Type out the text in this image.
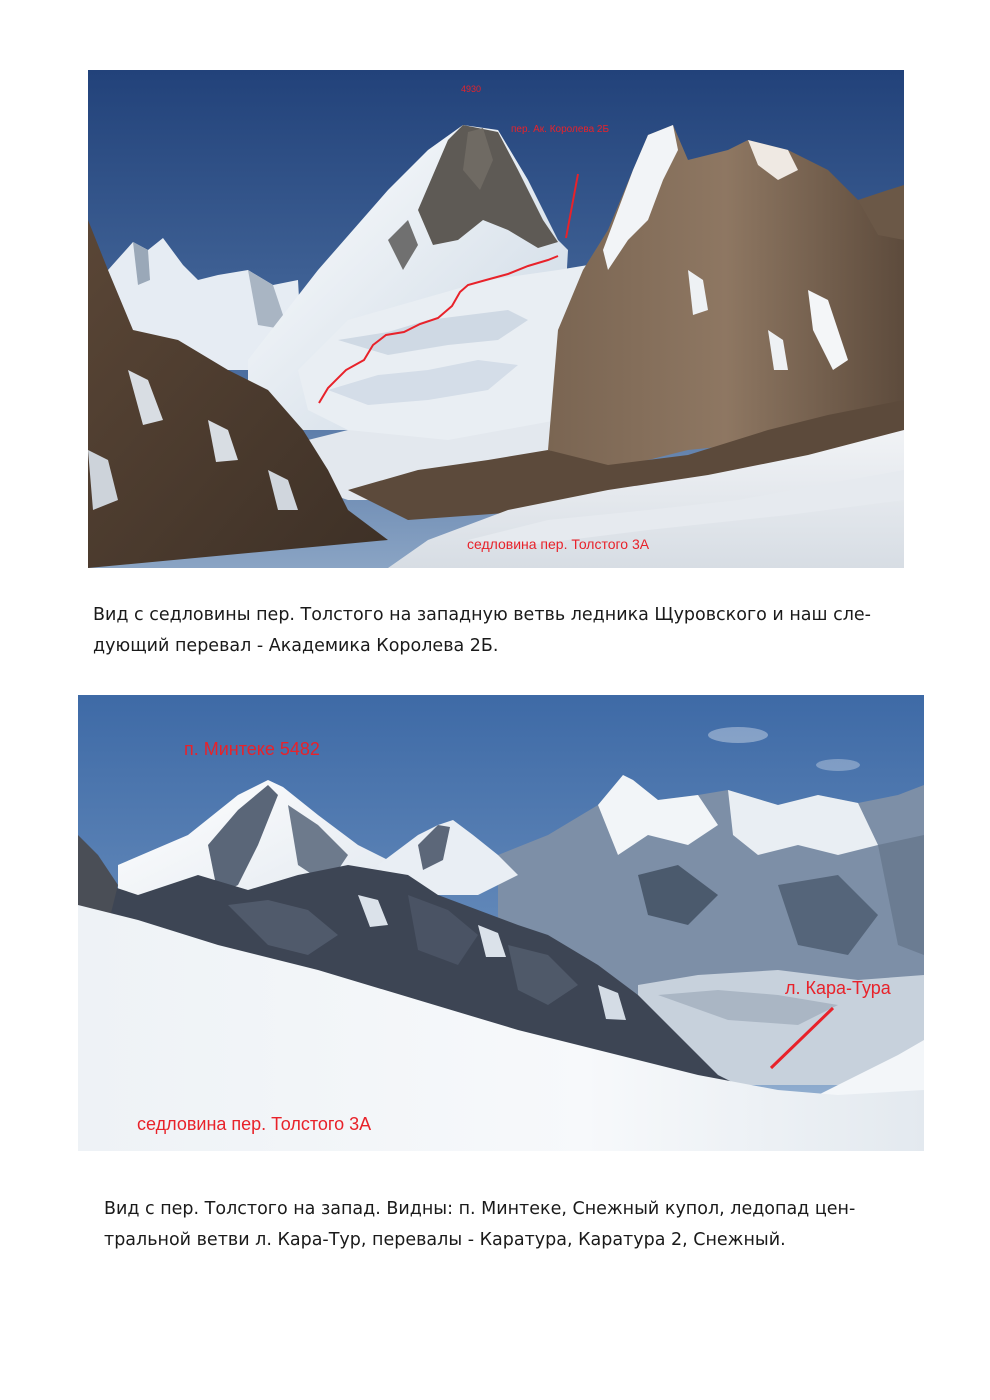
4930
пер. Ак. Королева 2Б
седловина пер. Толстого 3А

Вид с седловины пер. Толстого на западную ветвь ледника Щуровского и наш сле-
дующий перевал - Академика Королева 2Б.

п. Минтеке 5482
л. Кара-Тура
седловина пер. Толстого 3А

Вид с пер. Толстого на запад. Видны: п. Минтеке, Снежный купол, ледопад цен-
тральной ветви л. Кара-Тур, перевалы - Каратура, Каратура 2, Снежный.
